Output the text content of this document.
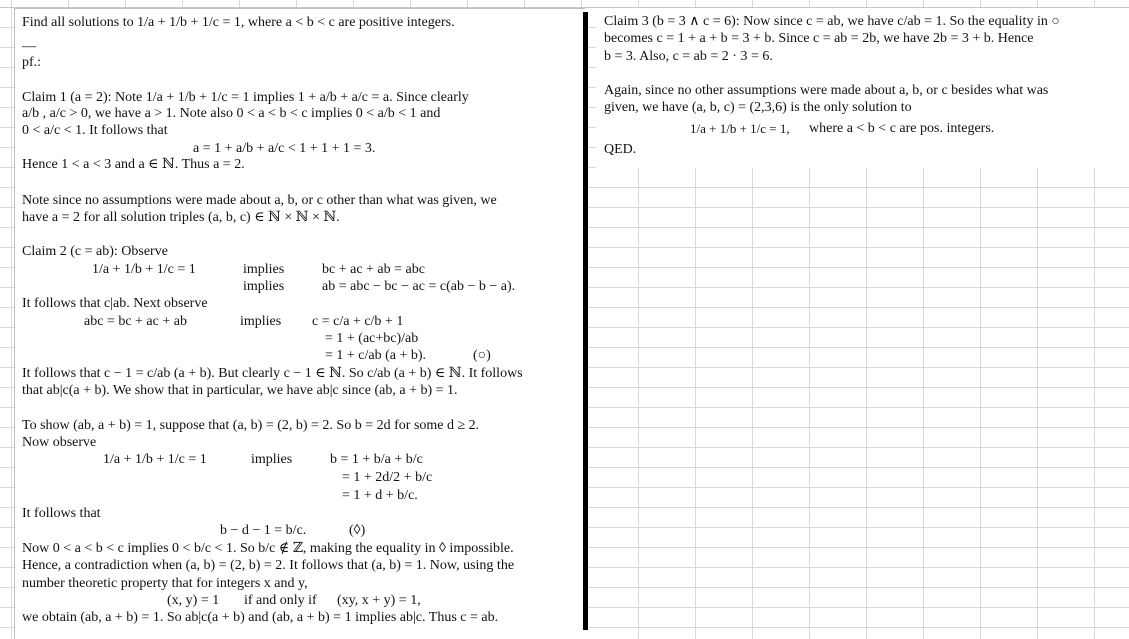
Find all solutions to 1/a + 1/b + 1/c = 1, where a < b < c are positive integers.
—
pf.:
Claim 1 (a = 2): Note 1/a + 1/b + 1/c = 1 implies 1 + a/b + a/c = a. Since clearly
a/b , a/c > 0, we have a > 1. Note also 0 < a < b < c implies 0 < a/b < 1 and
0 < a/c < 1. It follows that
a = 1 + a/b + a/c < 1 + 1 + 1 = 3.
Hence 1 < a < 3 and a ∈ ℕ. Thus a = 2.
Note since no assumptions were made about a, b, or c other than what was given, we
have a = 2 for all solution triples (a, b, c) ∈ ℕ × ℕ × ℕ.
Claim 2 (c = ab): Observe
1/a + 1/b + 1/c = 1	implies	bc + ac + ab = abc
implies	ab = abc − bc − ac = c(ab − b − a).
It follows that c|ab. Next observe
abc = bc + ac + ab	implies c = c/a + c/b + 1
= 1 + (ac+bc)/ab
= 1 + c/ab (a + b).	(○)
It follows that c − 1 = c/ab (a + b). But clearly c − 1 ∈ ℕ. So c/ab (a + b) ∈ ℕ. It follows
that ab|c(a + b). We show that in particular, we have ab|c since (ab, a + b) = 1.
To show (ab, a + b) = 1, suppose that (a, b) = (2, b) = 2. So b = 2d for some d ≥ 2.
Now observe
1/a + 1/b + 1/c = 1	implies	b = 1 + b/a + b/c
= 1 + 2d/2 + b/c
= 1 + d + b/c.
It follows that
b − d − 1 = b/c.	(◊)
Now 0 < a < b < c implies 0 < b/c < 1. So b/c ∉ ℤ, making the equality in ◊ impossible.
Hence, a contradiction when (a, b) = (2, b) = 2. It follows that (a, b) = 1. Now, using the
number theoretic property that for integers x and y,
(x, y) = 1 if and only if (xy, x + y) = 1,
we obtain (ab, a + b) = 1. So ab|c(a + b) and (ab, a + b) = 1 implies ab|c. Thus c = ab.
Claim 3 (b = 3 ∧ c = 6): Now since c = ab, we have c/ab = 1. So the equality in ○
becomes c = 1 + a + b = 3 + b. Since c = ab = 2b, we have 2b = 3 + b. Hence
b = 3. Also, c = ab = 2 · 3 = 6.
Again, since no other assumptions were made about a, b, or c besides what was
given, we have (a, b, c) = (2,3,6) is the only solution to
1/a + 1/b + 1/c = 1, where a < b < c are pos. integers.
QED.
